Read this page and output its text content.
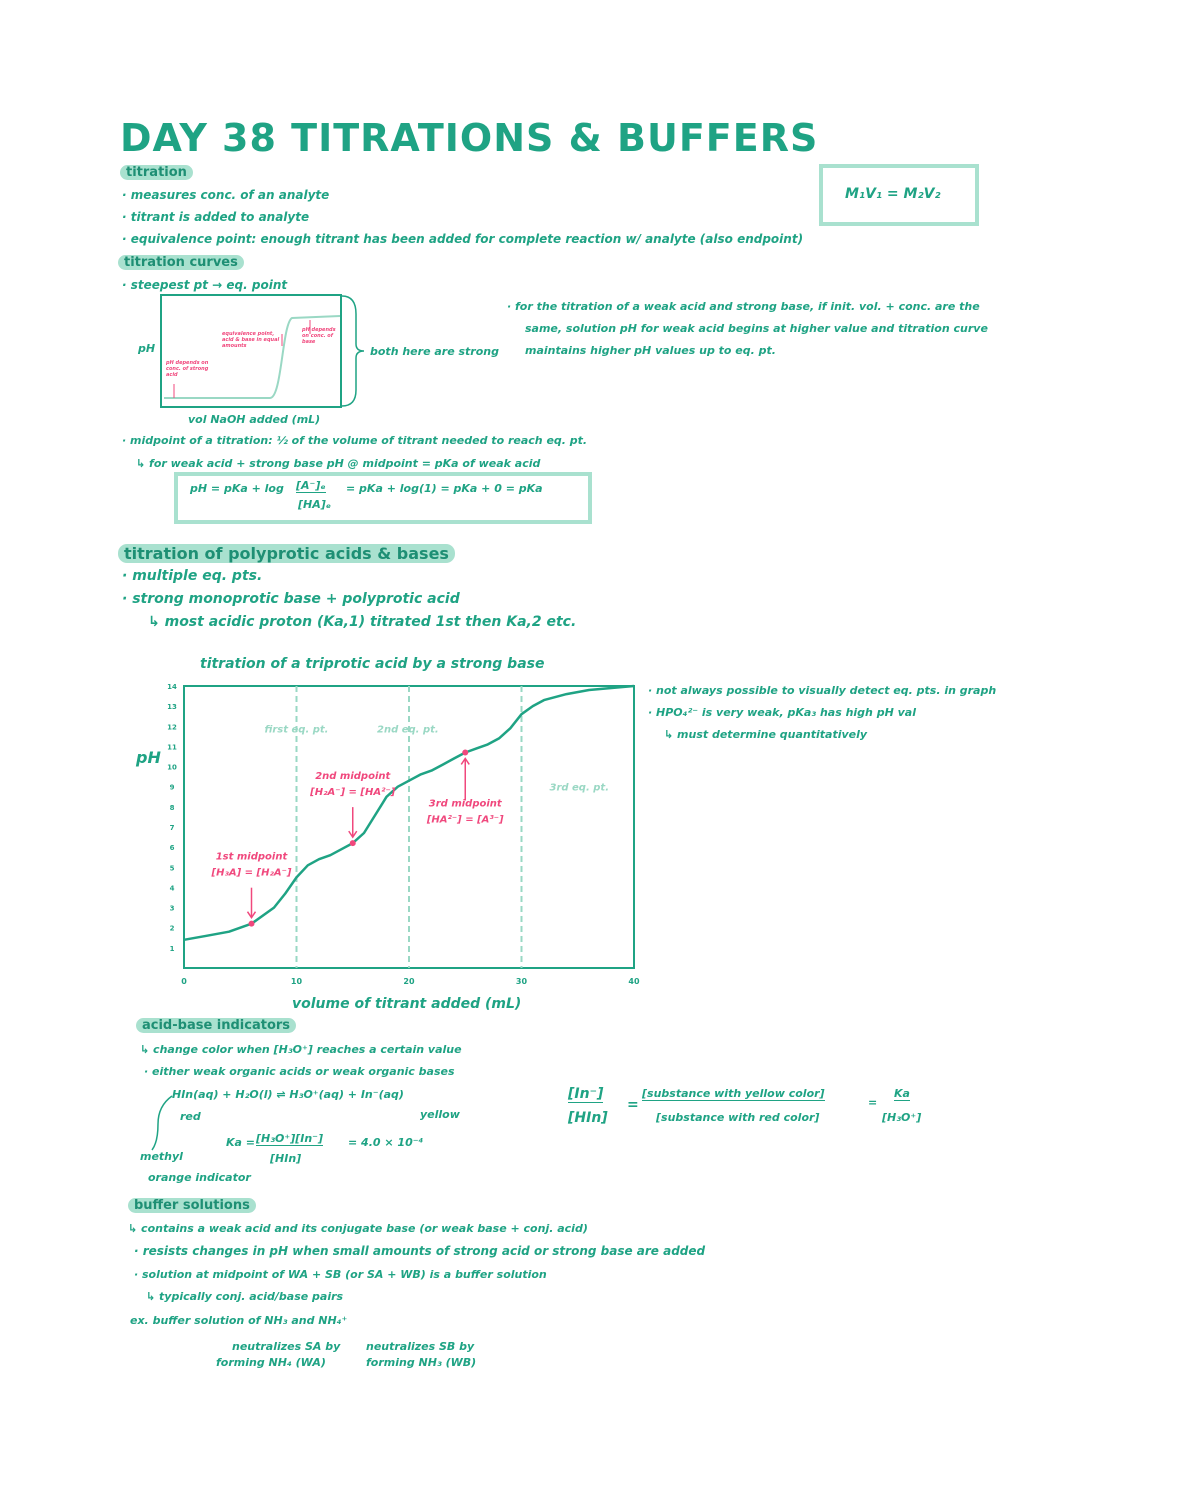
DAY 38 TITRATIONS & BUFFERS
titration
· measures conc. of an analyte
· titrant is added to analyte
· equivalence point: enough titrant has been added for complete reaction w/ analyte (also endpoint)
M₁V₁ = M₂V₂
titration curves
· steepest pt → eq. point
pH
vol NaOH added (mL)
pH depends on conc. of strong acid
equivalence point, acid & base in equal amounts
pH depends on conc. of base
both here are strong
· for the titration of a weak acid and strong base, if init. vol. + conc. are the
same, solution pH for weak acid begins at higher value and titration curve
maintains higher pH values up to eq. pt.
· midpoint of a titration: ½ of the volume of titrant needed to reach eq. pt.
↳ for weak acid + strong base pH @ midpoint = pKa of weak acid
pH = pKa + log [A⁻]ₑ
[HA]ₑ
= pKa + log(1) = pKa + 0 = pKa
titration of polyprotic acids & bases
· multiple eq. pts.
· strong monoprotic base + polyprotic acid
↳ most acidic proton (Ka,1) titrated 1st then Ka,2 etc.
titration of a triprotic acid by a strong base
pH
volume of titrant added (mL)
first eq. pt.	2nd eq. pt.
3rd eq. pt.
0	10	20	30	40
1
2
3
4
5
6
7
8
9
10
11
12
13
14
1st midpoint
[H₃A] = [H₂A⁻]
2nd midpoint
[H₂A⁻] = [HA²⁻]
3rd midpoint
[HA²⁻] = [A³⁻]
· not always possible to visually detect eq. pts. in graph
· HPO₄²⁻ is very weak, pKa₃ has high pH val
↳ must determine quantitatively
acid-base indicators
↳ change color when [H₃O⁺] reaches a certain value
· either weak organic acids or weak organic bases
HIn(aq) + H₂O(l) ⇌ H₃O⁺(aq) + In⁻(aq)
red	yellow
Ka = [H₃O⁺][In⁻]
[HIn]
= 4.0 × 10⁻⁴
methyl
orange indicator
[In⁻]
[HIn]
=
[substance with yellow color]
[substance with red color]
=
Ka
[H₃O⁺]
buffer solutions
↳ contains a weak acid and its conjugate base (or weak base + conj. acid)
· resists changes in pH when small amounts of strong acid or strong base are added
· solution at midpoint of WA + SB (or SA + WB) is a buffer solution
↳ typically conj. acid/base pairs
ex. buffer solution of NH₃ and NH₄⁺
neutralizes SA by
forming NH₄ (WA)
neutralizes SB by
forming NH₃ (WB)
